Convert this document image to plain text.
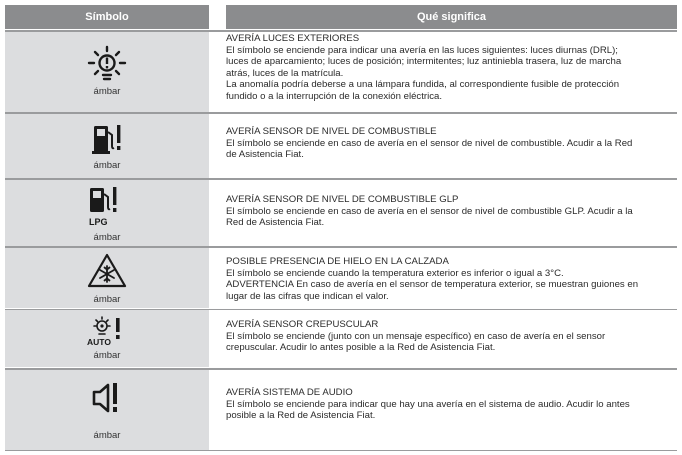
Símbolo	Qué significa
ámbar
AVERÍA LUCES EXTERIORES
El símbolo se enciende para indicar una avería en las luces siguientes: luces diurnas (DRL);
luces de aparcamiento; luces de posición; intermitentes; luz antiniebla trasera, luz de marcha
atrás, luces de la matrícula.
La anomalía podría deberse a una lámpara fundida, al correspondiente fusible de protección
fundido o a la interrupción de la conexión eléctrica.
ámbar
AVERÍA SENSOR DE NIVEL DE COMBUSTIBLE
El símbolo se enciende en caso de avería en el sensor de nivel de combustible. Acudir a la Red
de Asistencia Fiat.
LPG
ámbar
AVERÍA SENSOR DE NIVEL DE COMBUSTIBLE GLP
El símbolo se enciende en caso de avería en el sensor de nivel de combustible GLP. Acudir a la
Red de Asistencia Fiat.
ámbar
POSIBLE PRESENCIA DE HIELO EN LA CALZADA
El símbolo se enciende cuando la temperatura exterior es inferior o igual a 3°C.
ADVERTENCIA En caso de avería en el sensor de temperatura exterior, se muestran guiones en
lugar de las cifras que indican el valor.
AUTO
ámbar
AVERÍA SENSOR CREPUSCULAR
El símbolo se enciende (junto con un mensaje específico) en caso de avería en el sensor
crepuscular. Acudir lo antes posible a la Red de Asistencia Fiat.
ámbar
AVERÍA SISTEMA DE AUDIO
El símbolo se enciende para indicar que hay una avería en el sistema de audio. Acudir lo antes
posible a la Red de Asistencia Fiat.
